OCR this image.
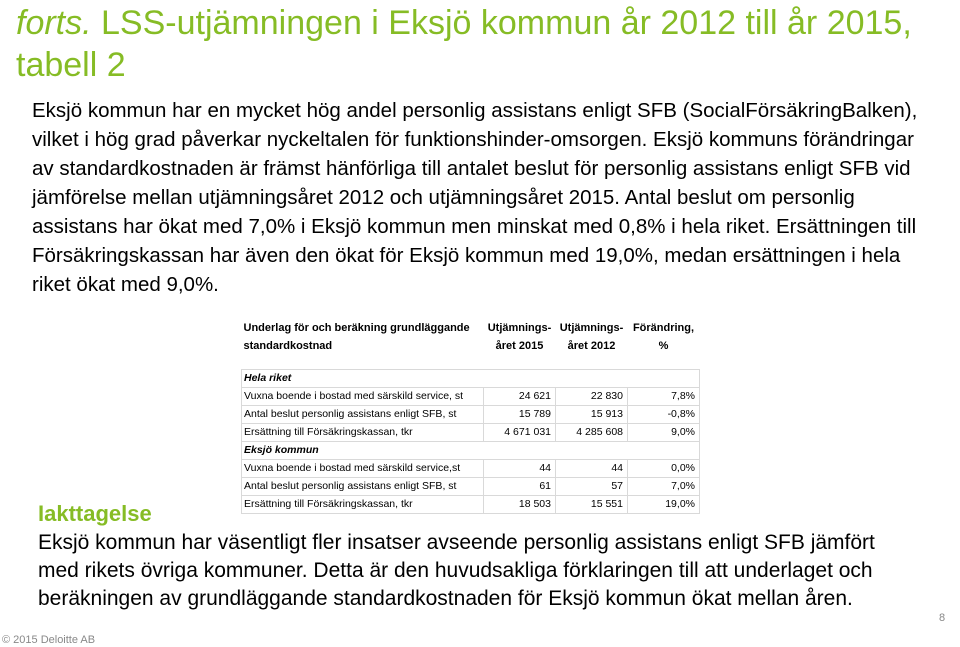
forts. LSS-utjämningen i Eksjö kommun år 2012 till år 2015, tabell 2
Eksjö kommun har en mycket hög andel personlig assistans enligt SFB (SocialFörsäkringBalken), vilket i hög grad påverkar nyckeltalen för funktionshinder-omsorgen. Eksjö kommuns förändringar av standardkostnaden är främst hänförliga till antalet beslut för personlig assistans enligt SFB vid jämförelse mellan utjämningsåret 2012 och utjämningsåret 2015. Antal beslut om personlig assistans har ökat med 7,0% i Eksjö kommun men minskat med 0,8% i hela riket. Ersättningen till Försäkringskassan har även den ökat för Eksjö kommun med 19,0%, medan ersättningen i hela riket ökat med 9,0%.
Underlag för och beräkning grundläggande standardkostnad	Utjämnings-året 2015	Utjämnings-året 2012	Förändring, %

Hela riket			
Vuxna boende i bostad med särskild service, st	24 621	22 830	7,8%
Antal beslut personlig assistans enligt SFB, st	15 789	15 913	-0,8%
Ersättning till Försäkringskassan, tkr	4 671 031	4 285 608	9,0%
Eksjö kommun			
Vuxna boende i bostad med särskild service,st	44	44	0,0%
Antal beslut personlig assistans enligt SFB, st	61	57	7,0%
Ersättning till Försäkringskassan, tkr	18 503	15 551	19,0%
Iakttagelse
Eksjö kommun har väsentligt fler insatser avseende personlig assistans enligt SFB jämfört med rikets övriga kommuner. Detta är den huvudsakliga förklaringen till att underlaget och beräkningen av grundläggande standardkostnaden för Eksjö kommun ökat mellan åren.
© 2015 Deloitte AB
8
